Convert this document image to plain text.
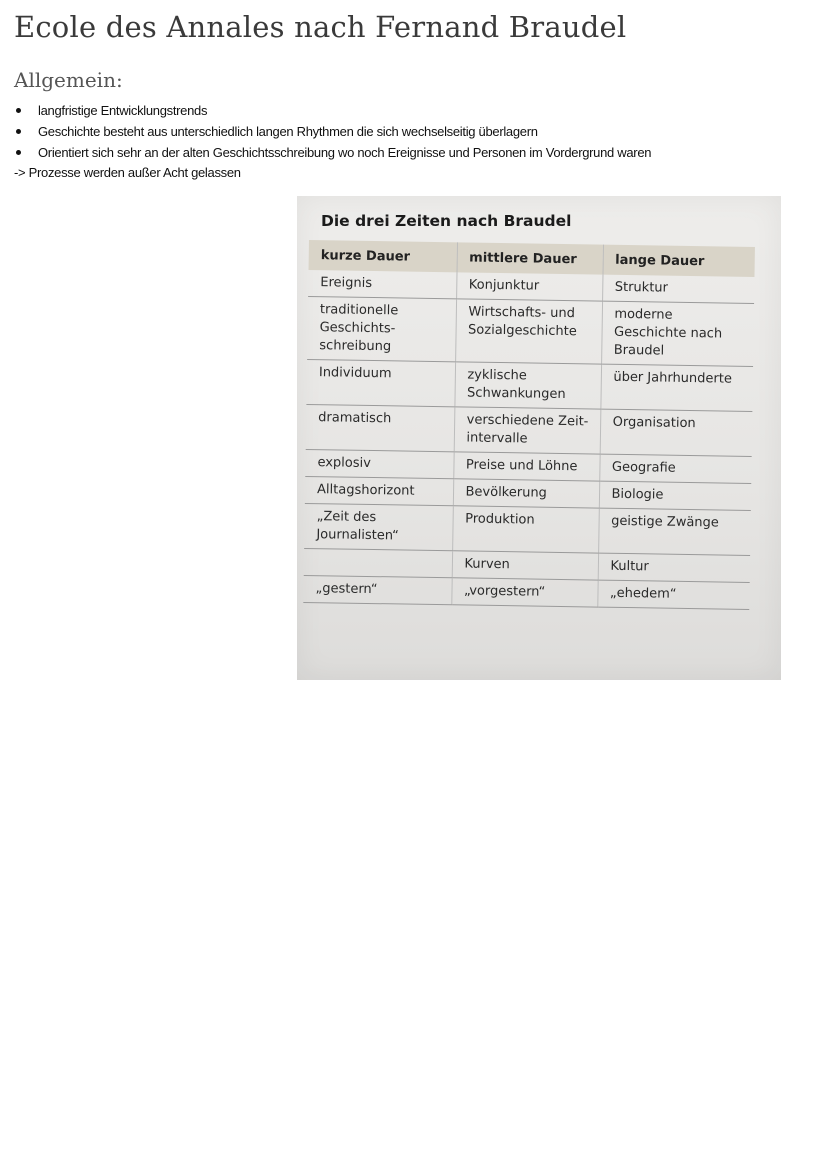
Ecole des Annales nach Fernand Braudel
Allgemein:
langfristige Entwicklungstrends
Geschichte besteht aus unterschiedlich langen Rhythmen die sich wechselseitig überlagern
Orientiert sich sehr an der alten Geschichtsschreibung wo noch Ereignisse und Personen im Vordergrund waren
-> Prozesse werden außer Acht gelassen
Die drei Zeiten nach Braudel
kurze Dauer	mittlere Dauer	lange Dauer
Ereignis	Konjunktur	Struktur
traditionelle Geschichts-schreibung	Wirtschafts- und Sozialgeschichte	moderne Geschichte nach Braudel
Individuum	zyklische Schwankungen	über Jahrhunderte
dramatisch	verschiedene Zeit-intervalle	Organisation
explosiv	Preise und Löhne	Geografie
Alltagshorizont	Bevölkerung	Biologie
„Zeit des Journalisten“	Produktion	geistige Zwänge
	Kurven	Kultur
„gestern“	„vorgestern“	„ehedem“
